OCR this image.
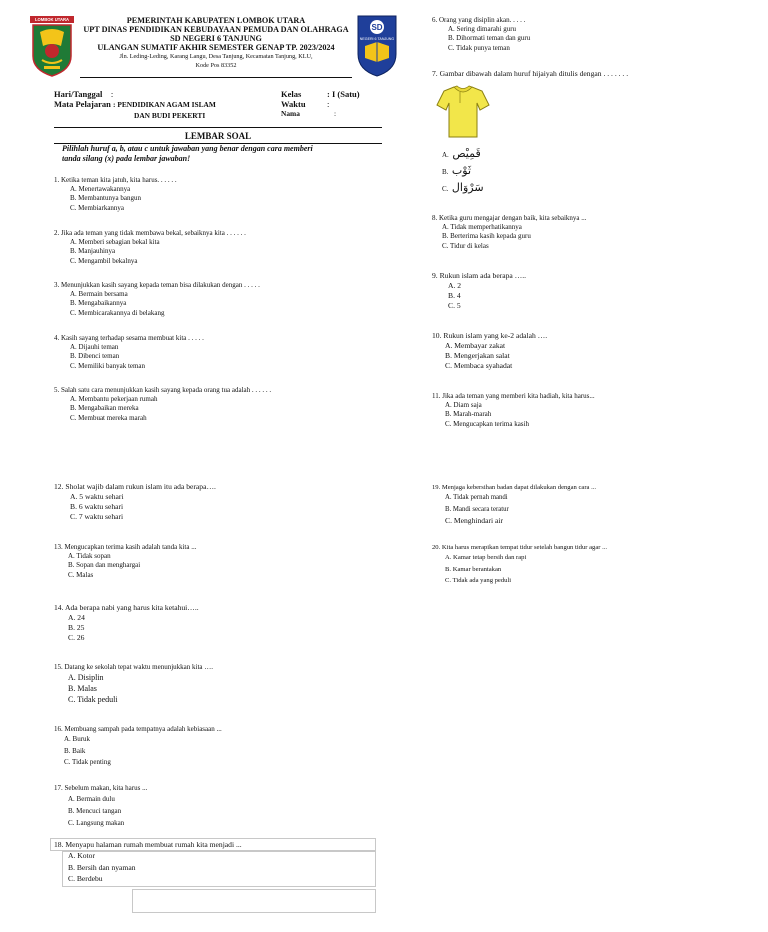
LOMBOK UTARA
SD
NEGERI 6 TANJUNG
PEMERINTAH KABUPATEN LOMBOK UTARA
UPT DINAS PENDIDIKAN KEBUDAYAAN PEMUDA DAN OLAHRAGA
SD NEGERI 6 TANJUNG
ULANGAN SUMATIF AKHIR SEMESTER GENAP TP. 2023/2024
Jln. Leding-Leding, Karang Langu, Desa Tanjung, Kecamatan Tanjung, KLU,
Kode Pos 83352
Hari/Tanggal :
Mata Pelajaran : PENDIDIKAN AGAM ISLAM
DAN BUDI PEKERTI
Kelas	: I (Satu)
Waktu	:
Nama	:
LEMBAR SOAL
Pilihlah huruf a, b, atau c untuk jawaban yang benar dengan cara memberi
tanda silang (x) pada lembar jawaban!
1. Ketika teman kita jatuh, kita harus. . . . . .
A. Menertawakannya
B. Membantunya bangun
C. Membiarkannya
2. Jika ada teman yang tidak membawa bekal, sebaiknya kita . . . . . .
A. Memberi sebagian bekal kita
B. Manjauhinya
C. Mengambil bekalnya
3. Menunjukkan kasih sayang kepada teman bisa dilakukan dengan . . . . .
A. Bermain bersama
B. Mengabaikannya
C. Membicarakannya di belakang
4. Kasih sayang terhadap sesama membuat kita . . . . .
A. Dijauhi teman
B. Dibenci teman
C. Memiliki banyak teman
5. Salah satu cara menunjukkan kasih sayang kepada orang tua adalah . . . . . .
A. Membantu pekerjaan rumah
B. Mengabaikan mereka
C. Membuat mereka marah
6. Orang yang disiplin akan. . . . .
A. Sering dimarahi guru
B. Dihormati teman dan guru
C. Tidak punya teman
7. Gambar dibawah dalam huruf hijaiyah ditulis dengan . . . . . . .
A. قَمِيْص
B. ثَوْب
C. سَرْوَال
8. Ketika guru mengajar dengan baik, kita sebaiknya ...
A. Tidak memperhatikannya
B. Berterima kasih kepada guru
C. Tidur di kelas
9. Rukun islam ada berapa …..
A. 2
B. 4
C. 5
10. Rukun islam yang ke-2 adalah ….
A. Membayar zakat
B. Mengerjakan salat
C. Membaca syahadat
11. Jika ada teman yang memberi kita hadiah, kita harus...
A. Diam saja
B. Marah-marah
C. Mengucapkan terima kasih
12. Sholat wajib dalam rukun islam itu ada berapa….
A. 5 waktu sehari
B. 6 waktu sehari
C. 7 waktu sehari
13. Mengucapkan terima kasih adalah tanda kita ...
A. Tidak sopan
B. Sopan dan menghargai
C. Malas
14. Ada berapa nabi yang harus kita ketahui…..
A. 24
B. 25
C. 26
15. Datang ke sekolah tepat waktu menunjukkan kita ….
A. Disiplin
B. Malas
C. Tidak peduli
16. Membuang sampah pada tempatnya adalah kebiasaan ...
A. Buruk
B. Baik
C. Tidak penting
17. Sebelum makan, kita harus ...
A. Bermain dulu
B. Mencuci tangan
C. Langsung makan
18. Menyapu halaman rumah membuat rumah kita menjadi ...
A. Kotor
B. Bersih dan nyaman
C. Berdebu
19. Menjaga kebersihan badan dapat dilakukan dengan cara ...
A. Tidak pernah mandi
B. Mandi secara teratur
C. Menghindari air
20. Kita harus merapikan tempat tidur setelah bangun tidur agar ...
A. Kamar tetap bersih dan rapi
B. Kamar berantakan
C. Tidak ada yang peduli
